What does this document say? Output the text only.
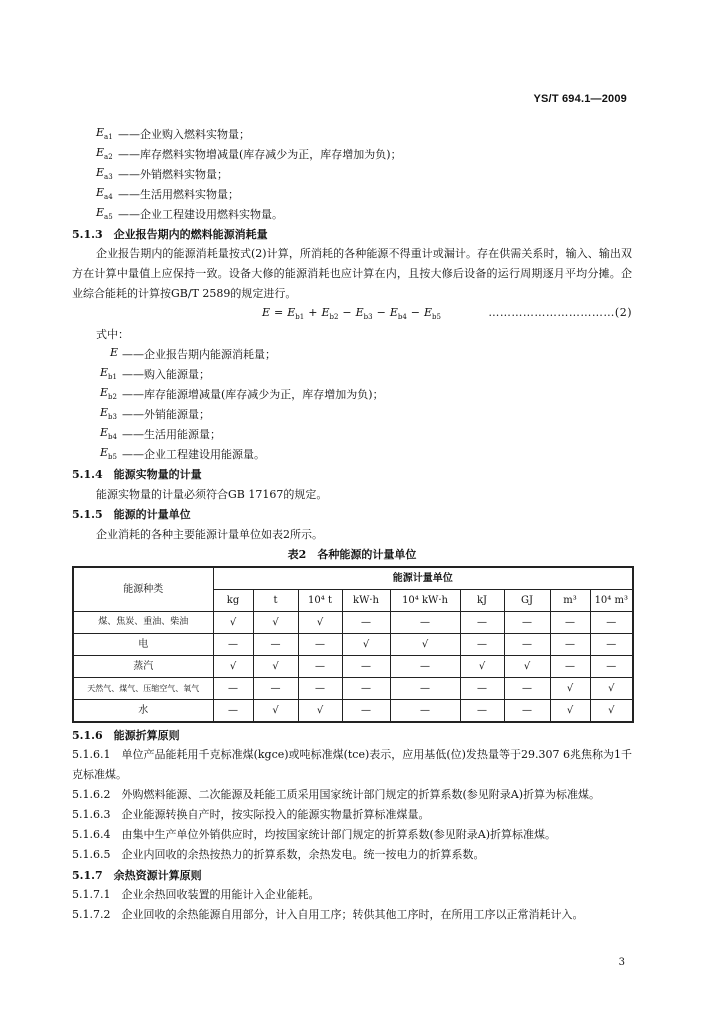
YS/T 694.1—2009
$E_{a1}$ ——企业购入燃料实物量；
$E_{a2}$ ——库存燃料实物增减量(库存减少为正，库存增加为负)；
$E_{a3}$ ——外销燃料实物量；
$E_{a4}$ ——生活用燃料实物量；
$E_{a5}$ ——企业工程建设用燃料实物量。
5.1.3　企业报告期内的燃料能源消耗量

企业报告期内的能源消耗量按式(2)计算，所消耗的各种能源不得重计或漏计。存在供需关系时，输入、输出双方在计算中量值上应保持一致。设备大修的能源消耗也应计算在内，且按大修后设备的运行周期逐月平均分摊。企业综合能耗的计算按GB/T 2589的规定进行。

$E = E_{b1} + E_{b2} - E_{b3} - E_{b4} - E_{b5}$	……………………………(2)
式中：
E ——企业报告期内能源消耗量；
$E_{b1}$ ——购入能源量；
$E_{b2}$ ——库存能源增减量(库存减少为正，库存增加为负)；
$E_{b3}$ ——外销能源量；
$E_{b4}$ ——生活用能源量；
$E_{b5}$ ——企业工程建设用能源量。
5.1.4　能源实物量的计量
能源实物量的计量必须符合GB 17167的规定。
5.1.5　能源的计量单位
企业消耗的各种主要能源计量单位如表2所示。
表2　各种能源的计量单位
能源种类	能源计量单位								
	kg	t	10⁴ t	kW·h	10⁴ kW·h	kJ	GJ	m³	10⁴ m³
煤、焦炭、重油、柴油	√	√	√	—	—	—	—	—	—
电	—	—	—	√	√	—	—	—	—
蒸汽	√	√	—	—	—	√	√	—	—
天然气、煤气、压缩空气、氧气	—	—	—	—	—	—	—	√	√
水	—	√	√	—	—	—	—	√	√
5.1.6　能源折算原则

5.1.6.1　 单位产品能耗用千克标准煤(kgce)或吨标准煤(tce)表示，应用基低(位)发热量等于29.307 6兆焦称为1千克标准煤。

5.1.6.2　 外购燃料能源、二次能源及耗能工质采用国家统计部门规定的折算系数(参见附录A)折算为标准煤。

5.1.6.3　 企业能源转换自产时，按实际投入的能源实物量折算标准煤量。

5.1.6.4　 由集中生产单位外销供应时，均按国家统计部门规定的折算系数(参见附录A)折算标准煤。

5.1.6.5　 企业内回收的余热按热力的折算系数，余热发电。统一按电力的折算系数。

5.1.7　余热资源计算原则

5.1.7.1　 企业余热回收装置的用能计入企业能耗。

5.1.7.2　 企业回收的余热能源自用部分，计入自用工序；转供其他工序时，在所用工序以正常消耗计入。

3
